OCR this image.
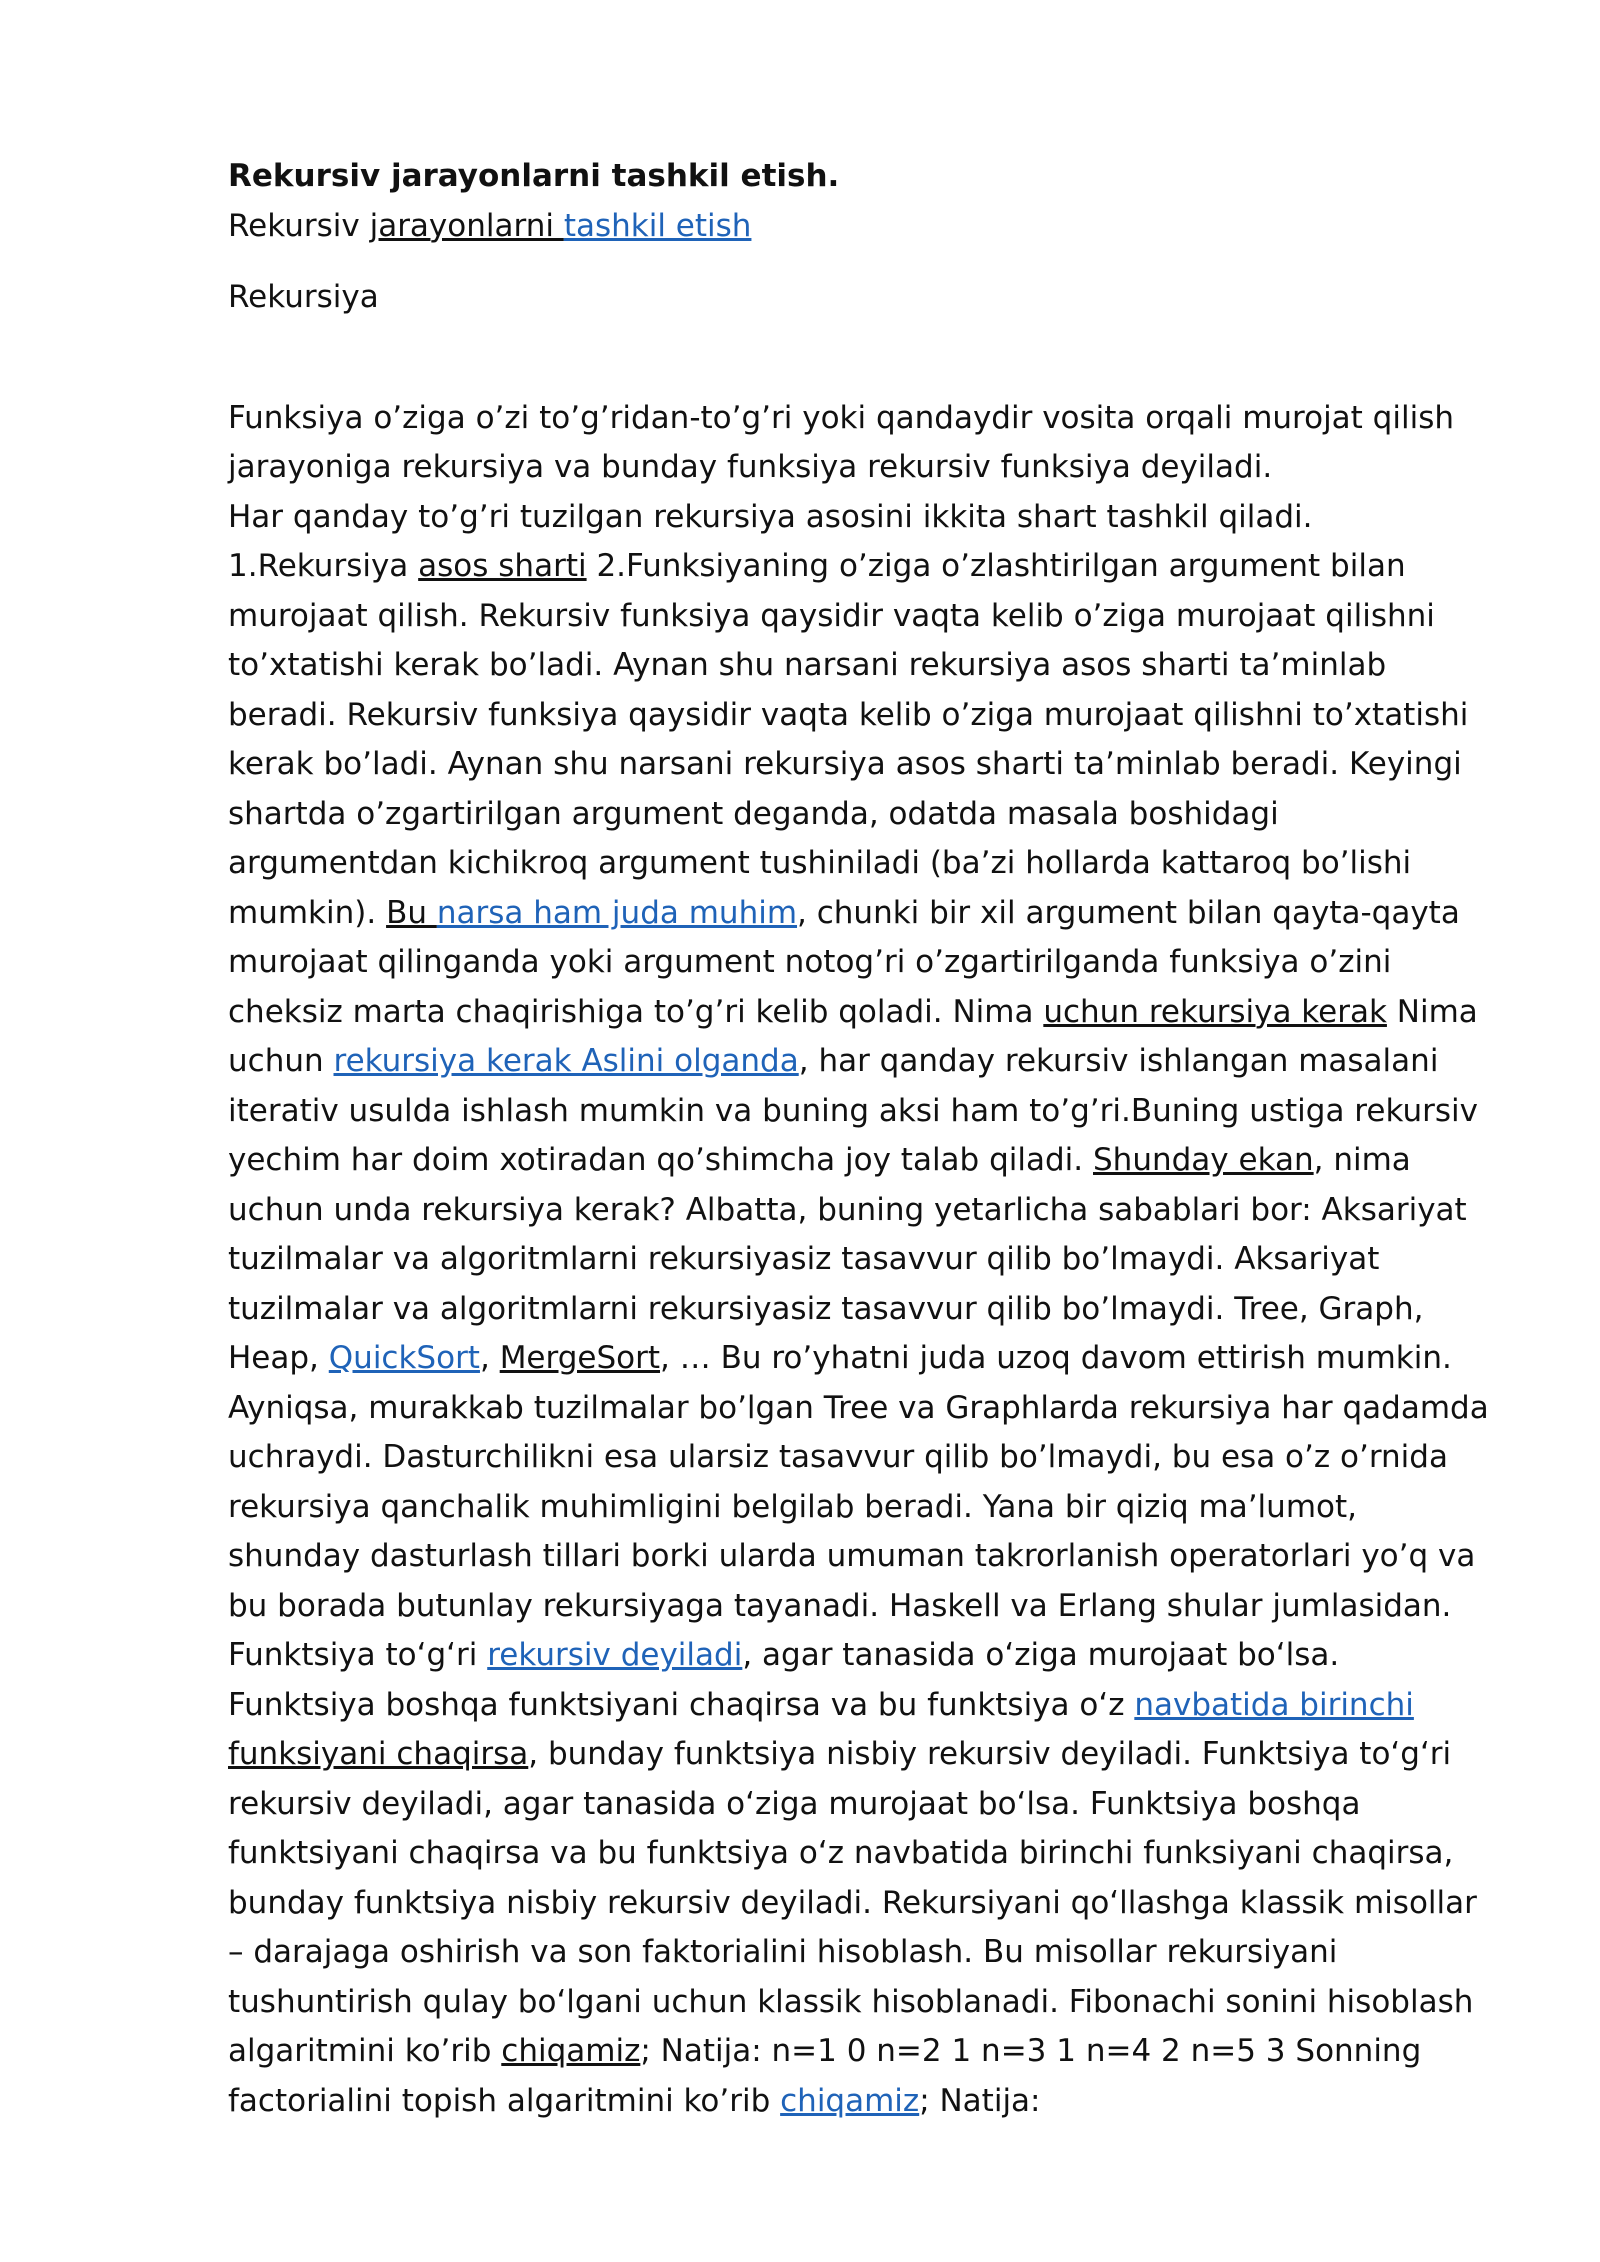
Rekursiv jarayonlarni tashkil etish.

Rekursiv jarayonlarni tashkil etish

Rekursiya

Funksiya o’ziga o’zi to’g’ridan-to’g’ri yoki qandaydir vosita orqali murojat qilish jarayoniga rekursiya va bunday funksiya rekursiv funksiya deyiladi.

Har qanday to’g’ri tuzilgan rekursiya asosini ikkita shart tashkil qiladi.

1.Rekursiya asos sharti 2.Funksiyaning o’ziga o’zlashtirilgan argument bilan murojaat qilish. Rekursiv funksiya qaysidir vaqta kelib o’ziga murojaat qilishni to’xtatishi kerak bo’ladi. Aynan shu narsani rekursiya asos sharti ta’minlab beradi. Rekursiv funksiya qaysidir vaqta kelib o’ziga murojaat qilishni to’xtatishi kerak bo’ladi. Aynan shu narsani rekursiya asos sharti ta’minlab beradi. Keyingi shartda o’zgartirilgan argument deganda, odatda masala boshidagi argumentdan kichikroq argument tushiniladi (ba’zi hollarda kattaroq bo’lishi mumkin). Bu narsa ham juda muhim, chunki bir xil argument bilan qayta-qayta murojaat qilinganda yoki argument notog’ri o’zgartirilganda funksiya o’zini cheksiz marta chaqirishiga to’g’ri kelib qoladi. Nima uchun rekursiya kerak Nima uchun rekursiya kerak Aslini olganda, har qanday rekursiv ishlangan masalani iterativ usulda ishlash mumkin va buning aksi ham to’g’ri.Buning ustiga rekursiv yechim har doim xotiradan qo’shimcha joy talab qiladi. Shunday ekan, nima uchun unda rekursiya kerak? Albatta, buning yetarlicha sabablari bor: Aksariyat tuzilmalar va algoritmlarni rekursiyasiz tasavvur qilib bo’lmaydi. Aksariyat tuzilmalar va algoritmlarni rekursiyasiz tasavvur qilib bo’lmaydi. Tree, Graph, Heap, QuickSort, MergeSort, … Bu ro’yhatni juda uzoq davom ettirish mumkin. Ayniqsa, murakkab tuzilmalar bo’lgan Tree va Graphlarda rekursiya har qadamda uchraydi. Dasturchilikni esa ularsiz tasavvur qilib bo’lmaydi, bu esa o’z o’rnida rekursiya qanchalik muhimligini belgilab beradi. Yana bir qiziq ma’lumot, shunday dasturlash tillari borki ularda umuman takrorlanish operatorlari yo’q va bu borada butunlay rekursiyaga tayanadi. Haskell va Erlang shular jumlasidan. Funktsiya toʻgʻri rekursiv deyiladi, agar tanasida oʻziga murojaat boʻlsa. Funktsiya boshqa funktsiyani chaqirsa va bu funktsiya oʻz navbatida birinchi funksiyani chaqirsa, bunday funktsiya nisbiy rekursiv deyiladi. Funktsiya toʻgʻri rekursiv deyiladi, agar tanasida oʻziga murojaat boʻlsa. Funktsiya boshqa funktsiyani chaqirsa va bu funktsiya oʻz navbatida birinchi funksiyani chaqirsa, bunday funktsiya nisbiy rekursiv deyiladi. Rekursiyani qoʻllashga klassik misollar – darajaga oshirish va son faktorialini hisoblash. Bu misollar rekursiyani tushuntirish qulay boʻlgani uchun klassik hisoblanadi. Fibonachi sonini hisoblash algaritmini ko’rib chiqamiz; Natija: n=1 0 n=2 1 n=3 1 n=4 2 n=5 3 Sonning factorialini topish algaritmini ko’rib chiqamiz; Natija:
